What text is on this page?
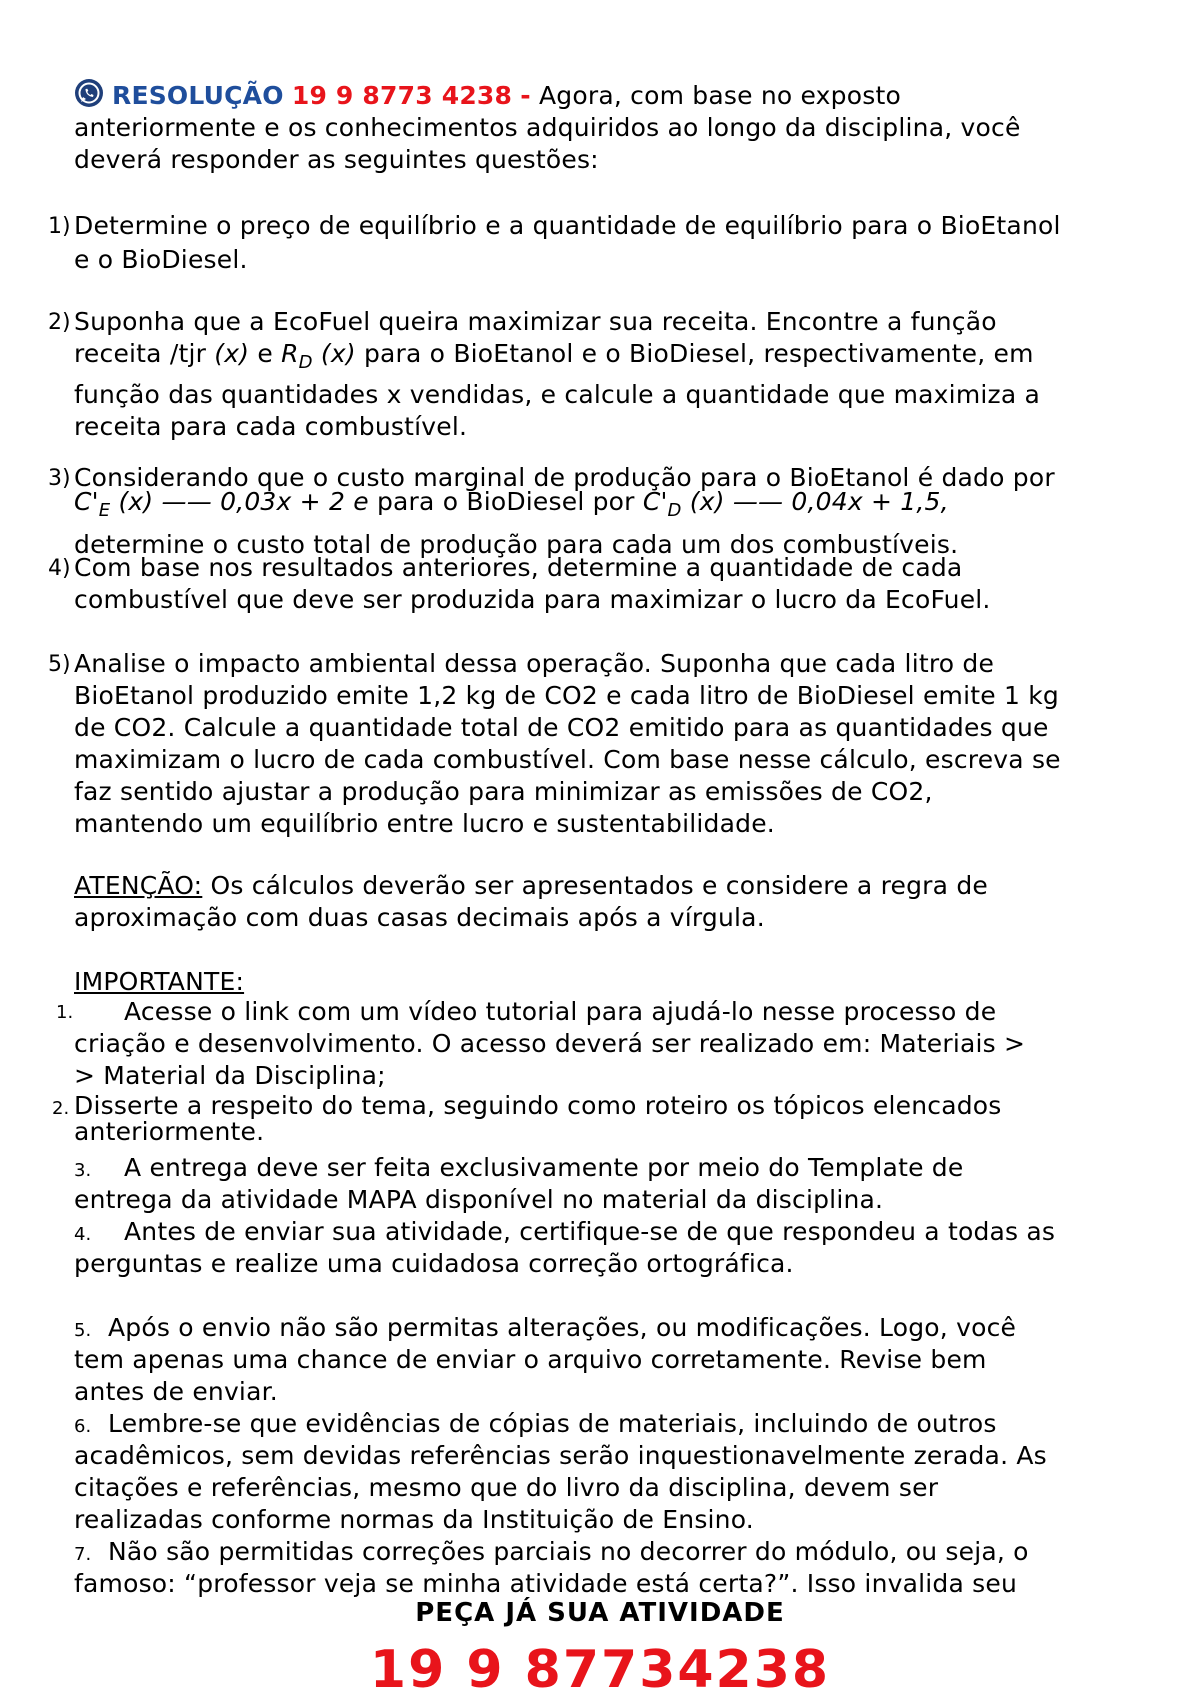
RESOLUÇÃO 19 9 8773 4238 - Agora, com base no exposto
anteriormente e os conhecimentos adquiridos ao longo da disciplina, você
deverá responder as seguintes questões:
1) Determine o preço de equilíbrio e a quantidade de equilíbrio para o BioEtanol
e o BioDiesel.
2) Suponha que a EcoFuel queira maximizar sua receita. Encontre a função
receita /tjr (x) e $R_D$ (x) para o BioEtanol e o BioDiesel, respectivamente, em
função das quantidades x vendidas, e calcule a quantidade que maximiza a
receita para cada combustível.
3) Considerando que o custo marginal de produção para o BioEtanol é dado por
$C'_E$ (x) —— 0,03x + 2 e para o BioDiesel por $C'_D$ (x) —— 0,04x + 1,5,
determine o custo total de produção para cada um dos combustíveis.
4) Com base nos resultados anteriores, determine a quantidade de cada
combustível que deve ser produzida para maximizar o lucro da EcoFuel.
5) Analise o impacto ambiental dessa operação. Suponha que cada litro de
BioEtanol produzido emite 1,2 kg de CO2 e cada litro de BioDiesel emite 1 kg
de CO2. Calcule a quantidade total de CO2 emitido para as quantidades que
maximizam o lucro de cada combustível. Com base nesse cálculo, escreva se
faz sentido ajustar a produção para minimizar as emissões de CO2,
mantendo um equilíbrio entre lucro e sustentabilidade.
ATENÇÃO: Os cálculos deverão ser apresentados e considere a regra de
aproximação com duas casas decimais após a vírgula.
IMPORTANTE:
1.	Acesse o link com um vídeo tutorial para ajudá-lo nesse processo de
criação e desenvolvimento. O acesso deverá ser realizado em: Materiais >
> Material da Disciplina;
2. Disserte a respeito do tema, seguindo como roteiro os tópicos elencados
anteriormente.
3.	A entrega deve ser feita exclusivamente por meio do Template de
entrega da atividade MAPA disponível no material da disciplina.
4.	Antes de enviar sua atividade, certifique-se de que respondeu a todas as
perguntas e realize uma cuidadosa correção ortográfica.
5. Após o envio não são permitas alterações, ou modificações. Logo, você
tem apenas uma chance de enviar o arquivo corretamente. Revise bem
antes de enviar.
6. Lembre-se que evidências de cópias de materiais, incluindo de outros
acadêmicos, sem devidas referências serão inquestionavelmente zerada. As
citações e referências, mesmo que do livro da disciplina, devem ser
realizadas conforme normas da Instituição de Ensino.
7. Não são permitidas correções parciais no decorrer do módulo, ou seja, o
famoso: “professor veja se minha atividade está certa?”. Isso invalida seu
PEÇA JÁ SUA ATIVIDADE
19 9 87734238
